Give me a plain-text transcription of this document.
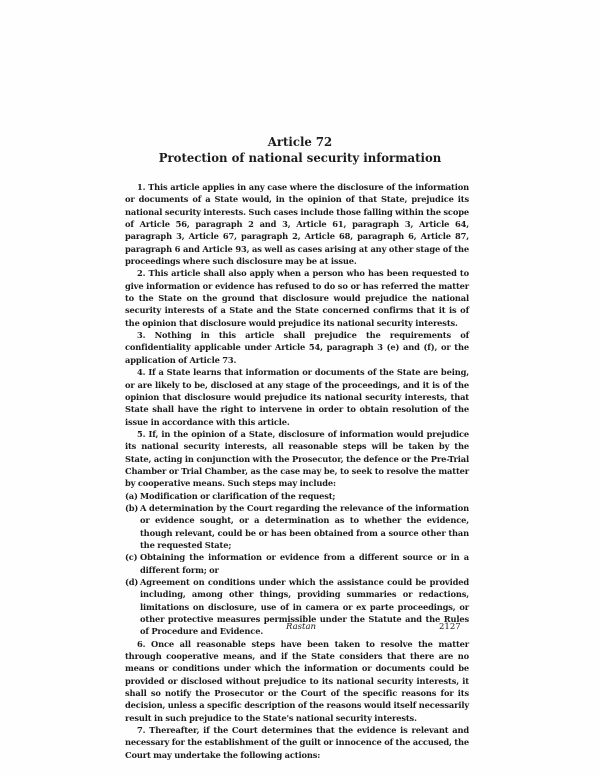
Article 72
Protection of national security information

1. This article applies in any case where the disclosure of the information or documents of a State would, in the opinion of that State, prejudice its national security interests. Such cases include those falling within the scope of Article 56, paragraph 2 and 3, Article 61, paragraph 3, Article 64, paragraph 3, Article 67, paragraph 2, Article 68, paragraph 6, Article 87, paragraph 6 and Article 93, as well as cases arising at any other stage of the proceedings where such disclosure may be at issue.

2. This article shall also apply when a person who has been requested to give information or evidence has refused to do so or has referred the matter to the State on the ground that disclosure would prejudice the national security interests of a State and the State concerned confirms that it is of the opinion that disclosure would prejudice its national security interests.

3. Nothing in this article shall prejudice the requirements of confidentiality applicable under Article 54, paragraph 3 (e) and (f), or the application of Article 73.

4. If a State learns that information or documents of the State are being, or are likely to be, disclosed at any stage of the proceedings, and it is of the opinion that disclosure would prejudice its national security interests, that State shall have the right to intervene in order to obtain resolution of the issue in accordance with this article.

5. If, in the opinion of a State, disclosure of information would prejudice its national security interests, all reasonable steps will be taken by the State, acting in conjunction with the Prosecutor, the defence or the Pre-Trial Chamber or Trial Chamber, as the case may be, to seek to resolve the matter by cooperative means. Such steps may include:

(a) Modification or clarification of the request;

(b) A determination by the Court regarding the relevance of the information or evidence sought, or a determination as to whether the evidence, though relevant, could be or has been obtained from a source other than the requested State;

(c) Obtaining the information or evidence from a different source or in a different form; or

(d) Agreement on conditions under which the assistance could be provided including, among other things, providing summaries or redactions, limitations on disclosure, use of in camera or ex parte proceedings, or other protective measures permissible under the Statute and the Rules of Procedure and Evidence.

6. Once all reasonable steps have been taken to resolve the matter through cooperative means, and if the State considers that there are no means or conditions under which the information or documents could be provided or disclosed without prejudice to its national security interests, it shall so notify the Prosecutor or the Court of the specific reasons for its decision, unless a specific description of the reasons would itself necessarily result in such prejudice to the State's national security interests.

7. Thereafter, if the Court determines that the evidence is relevant and necessary for the establishment of the guilt or innocence of the accused, the Court may undertake the following actions:

Rastan	2127
